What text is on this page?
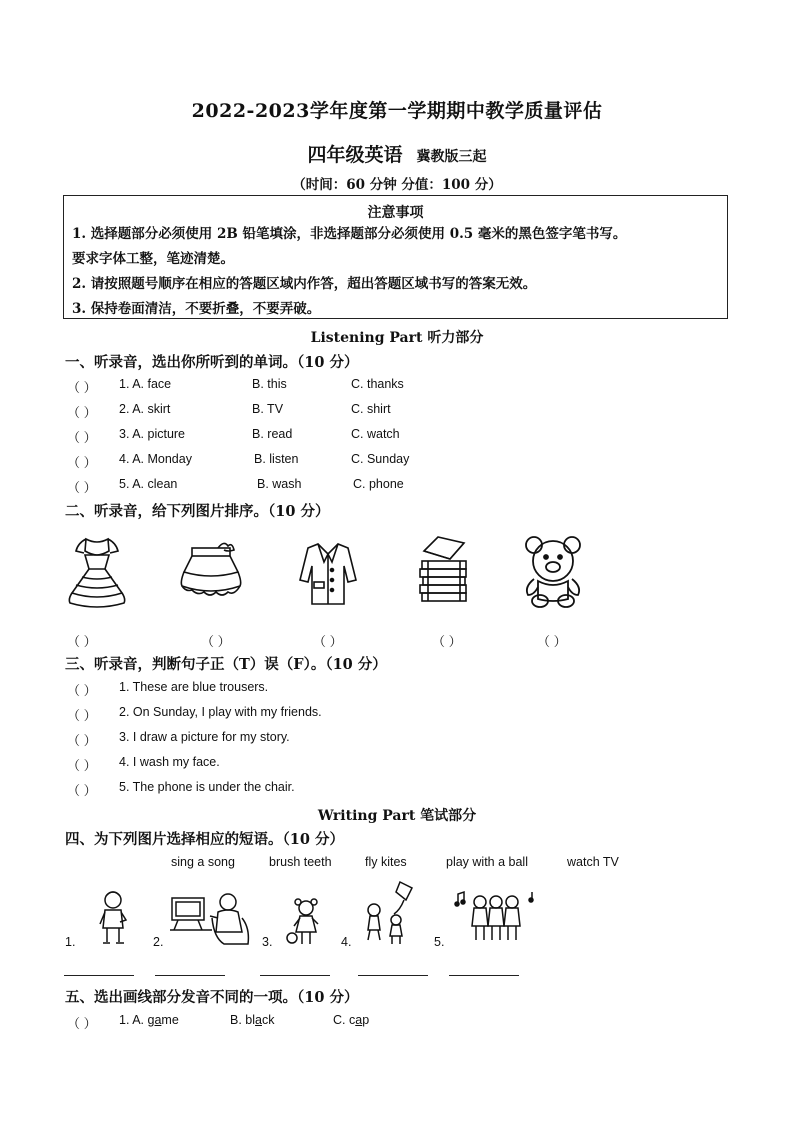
2022-2023学年度第一学期期中教学质量评估
四年级英语 冀教版三起
（时间：60 分钟 分值：100 分）
注意事项
1. 选择题部分必须使用 2B 铅笔填涂，非选择题部分必须使用 0.5 毫米的黑色签字笔书写。
要求字体工整，笔迹清楚。
2. 请按照题号顺序在相应的答题区域内作答，超出答题区域书写的答案无效。
3. 保持卷面清洁，不要折叠，不要弄破。
Listening Part 听力部分
一、听录音，选出你所听到的单词。（10 分）
（ ） 1. A. face	B. this	C. thanks
（ ） 2. A. skirt	B. TV	C. shirt
（ ） 3. A. picture	B. read	C. watch
（ ） 4. A. Monday	B. listen	C. Sunday
（ ） 5. A. clean	B. wash	C. phone
二、听录音，给下列图片排序。（10 分）
（ ）	（ ）	（ ）	（ ）	（ ）
三、听录音，判断句子正（T）误（F）。（10 分）
（ ） 1. These are blue trousers.
（ ） 2. On Sunday, I play with my friends.
（ ） 3. I draw a picture for my story.
（ ） 4. I wash my face.
（ ） 5. The phone is under the chair.
Writing Part 笔试部分
四、为下列图片选择相应的短语。（10 分）
sing a song	brush teeth	fly kites	play with a ball	watch TV
1.	2.	3.	4.	5.
五、选出画线部分发音不同的一项。（10 分）
（ ） 1. A. game	B. black	C. cap
